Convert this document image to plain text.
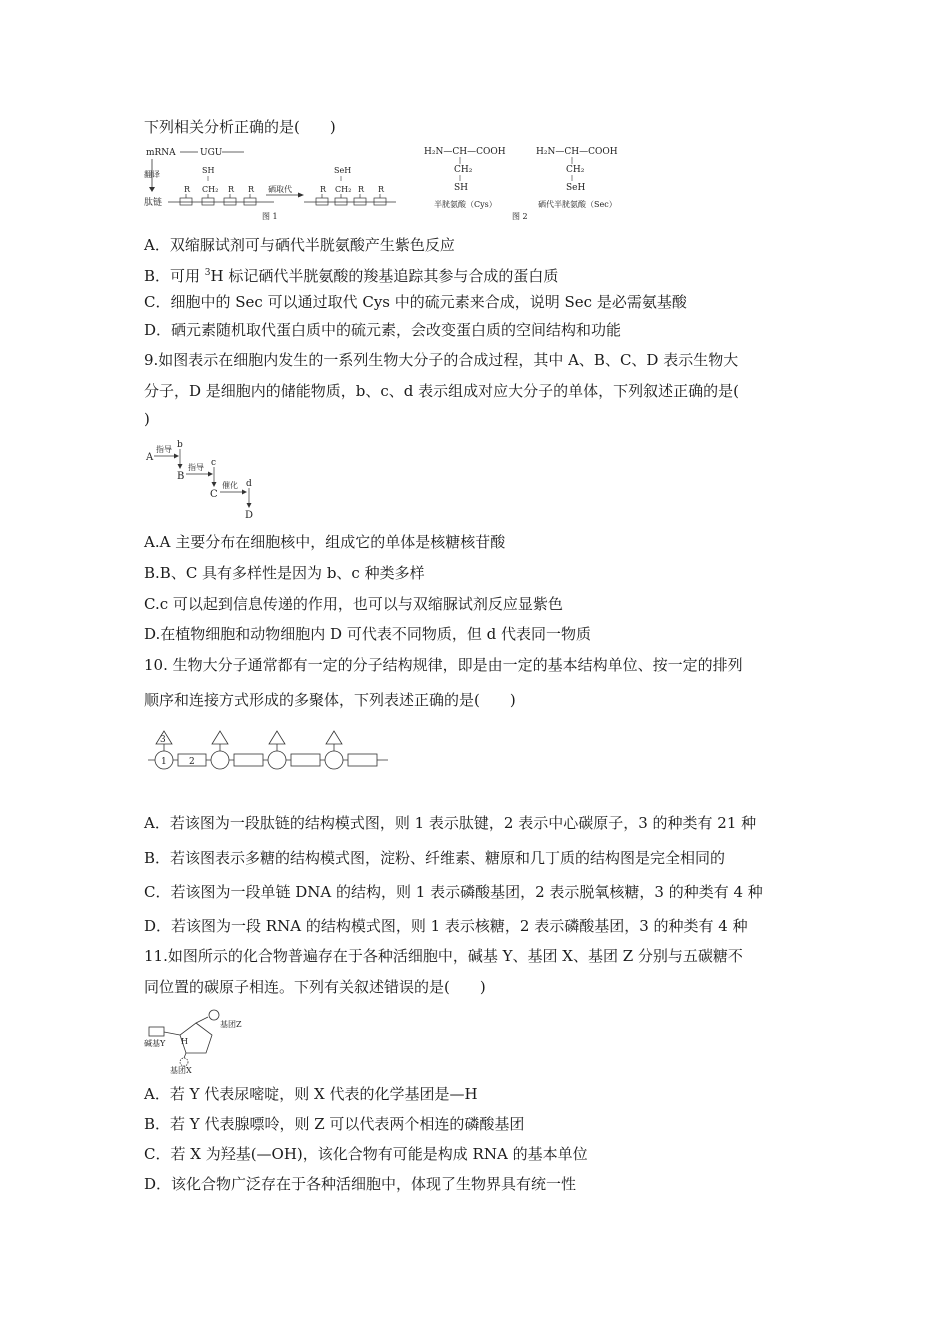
下列相关分析正确的是(　　)
mRNA	UGU
翻译
肽链
R
SH
CH₂ R R 硒取代	R
SeH
CH₂ R R
图 1
H₂N—CH—COOH
CH₂
SH
半胱氨酸（Cys）
H₂N—CH—COOH
CH₂
SeH
硒代半胱氨酸（Sec）
图 2
A．双缩脲试剂可与硒代半胱氨酸产生紫色反应
B．可用 $^3$H 标记硒代半胱氨酸的羧基追踪其参与合成的蛋白质
C．细胞中的 Sec 可以通过取代 Cys 中的硫元素来合成，说明 Sec 是必需氨基酸
D．硒元素随机取代蛋白质中的硫元素，会改变蛋白质的空间结构和功能
9.如图表示在细胞内发生的一系列生物大分子的合成过程，其中 A、B、C、D 表示生物大
分子，D 是细胞内的储能物质，b、c、d 表示组成对应大分子的单体，下列叙述正确的是(
)
A
指导 b
B
指导 c
C
催化 d
D
A.A 主要分布在细胞核中，组成它的单体是核糖核苷酸
B.B、C 具有多样性是因为 b、c 种类多样
C.c 可以起到信息传递的作用，也可以与双缩脲试剂反应显紫色
D.在植物细胞和动物细胞内 D 可代表不同物质，但 d 代表同一物质
10. 生物大分子通常都有一定的分子结构规律，即是由一定的基本结构单位、按一定的排列
顺序和连接方式形成的多聚体，下列表述正确的是(　　)
3
1 2
A．若该图为一段肽链的结构模式图，则 1 表示肽键，2 表示中心碳原子，3 的种类有 21 种
B．若该图表示多糖的结构模式图，淀粉、纤维素、糖原和几丁质的结构图是完全相同的
C．若该图为一段单链 DNA 的结构，则 1 表示磷酸基团，2 表示脱氧核糖，3 的种类有 4 种
D．若该图为一段 RNA 的结构模式图，则 1 表示核糖，2 表示磷酸基团，3 的种类有 4 种
11.如图所示的化合物普遍存在于各种活细胞中，碱基 Y、基团 X、基团 Z 分别与五碳糖不
同位置的碳原子相连。下列有关叙述错误的是(　　)
基团Z
碱基Y H
基团X
A．若 Y 代表尿嘧啶，则 X 代表的化学基团是—H
B．若 Y 代表腺嘌呤，则 Z 可以代表两个相连的磷酸基团
C．若 X 为羟基(—OH)，该化合物有可能是构成 RNA 的基本单位
D．该化合物广泛存在于各种活细胞中，体现了生物界具有统一性
